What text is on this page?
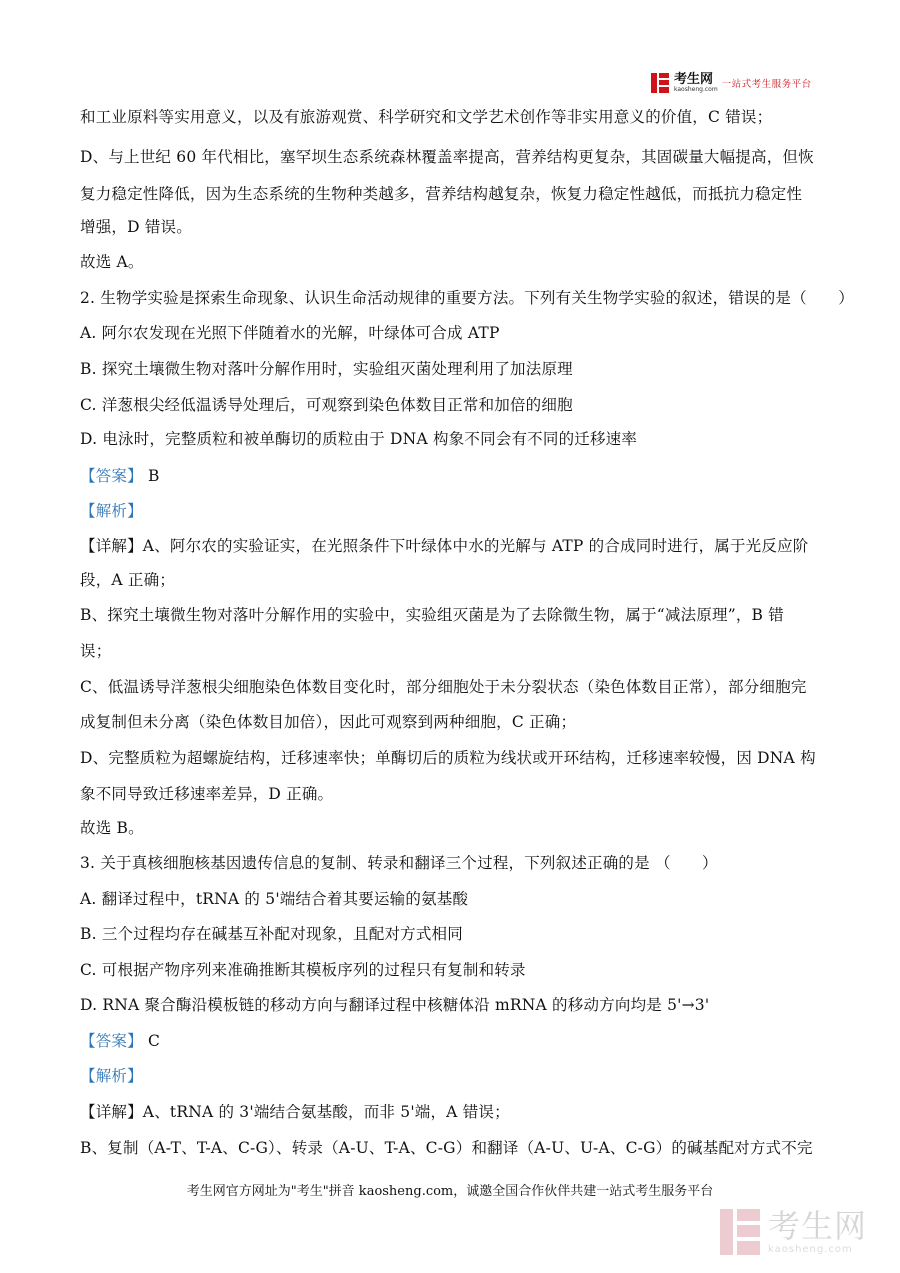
考生网
kaosheng.com 一站式考生服务平台
和工业原料等实用意义，以及有旅游观赏、科学研究和文学艺术创作等非实用意义的价值，C 错误；
D、与上世纪 60 年代相比，塞罕坝生态系统森林覆盖率提高，营养结构更复杂，其固碳量大幅提高，但恢
复力稳定性降低，因为生态系统的生物种类越多，营养结构越复杂，恢复力稳定性越低，而抵抗力稳定性
增强，D 错误。
故选 A。
2. 生物学实验是探索生命现象、认识生命活动规律的重要方法。下列有关生物学实验的叙述，错误的是（　　）
A. 阿尔农发现在光照下伴随着水的光解，叶绿体可合成 ATP
B. 探究土壤微生物对落叶分解作用时，实验组灭菌处理利用了加法原理
C. 洋葱根尖经低温诱导处理后，可观察到染色体数目正常和加倍的细胞
D. 电泳时，完整质粒和被单酶切的质粒由于 DNA 构象不同会有不同的迁移速率
【答案】 B
【解析】
【详解】A、阿尔农的实验证实，在光照条件下叶绿体中水的光解与 ATP 的合成同时进行，属于光反应阶
段，A 正确；
B、探究土壤微生物对落叶分解作用的实验中，实验组灭菌是为了去除微生物，属于“减法原理”，B 错
误；
C、低温诱导洋葱根尖细胞染色体数目变化时，部分细胞处于未分裂状态（染色体数目正常），部分细胞完
成复制但未分离（染色体数目加倍），因此可观察到两种细胞，C 正确；
D、完整质粒为超螺旋结构，迁移速率快；单酶切后的质粒为线状或开环结构，迁移速率较慢，因 DNA 构
象不同导致迁移速率差异，D 正确。
故选 B。
3. 关于真核细胞核基因遗传信息的复制、转录和翻译三个过程，下列叙述正确的是 （　　）
A. 翻译过程中，tRNA 的 5'端结合着其要运输的氨基酸
B. 三个过程均存在碱基互补配对现象，且配对方式相同
C. 可根据产物序列来准确推断其模板序列的过程只有复制和转录
D. RNA 聚合酶沿模板链的移动方向与翻译过程中核糖体沿 mRNA 的移动方向均是 5'→3'
【答案】 C
【解析】
【详解】A、tRNA 的 3'端结合氨基酸，而非 5'端，A 错误；
B、复制（A-T、T-A、C-G）、转录（A-U、T-A、C-G）和翻译（A-U、U-A、C-G）的碱基配对方式不完
考生网官方网址为"考生"拼音 kaosheng.com，诚邀全国合作伙伴共建一站式考生服务平台
考生网
kaosheng.com
